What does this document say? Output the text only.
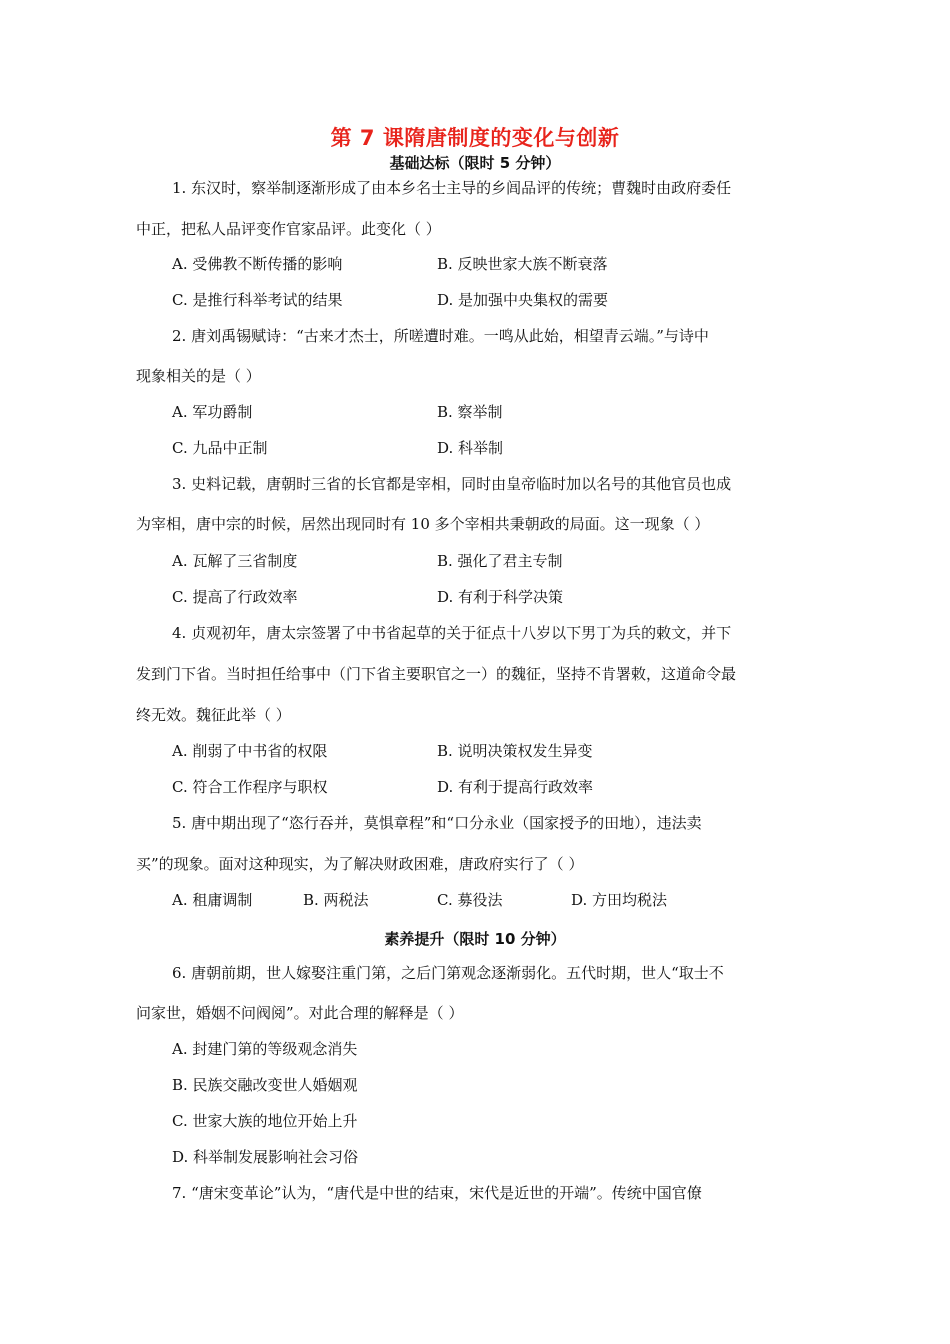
第 7 课隋唐制度的变化与创新
基础达标（限时 5 分钟）
1. 东汉时，察举制逐渐形成了由本乡名士主导的乡闾品评的传统；曹魏时由政府委任
中正，把私人品评变作官家品评。此变化（ ）
A. 受佛教不断传播的影响	B. 反映世家大族不断衰落
C. 是推行科举考试的结果	D. 是加强中央集权的需要
2. 唐刘禹锡赋诗：“古来才杰士，所嗟遭时难。一鸣从此始，相望青云端。”与诗中
现象相关的是（ ）
A. 军功爵制	B. 察举制
C. 九品中正制	D. 科举制
3. 史料记载，唐朝时三省的长官都是宰相，同时由皇帝临时加以名号的其他官员也成
为宰相，唐中宗的时候，居然出现同时有 10 多个宰相共秉朝政的局面。这一现象（ ）
A. 瓦解了三省制度	B. 强化了君主专制
C. 提高了行政效率	D. 有利于科学决策
4. 贞观初年，唐太宗签署了中书省起草的关于征点十八岁以下男丁为兵的敕文，并下
发到门下省。当时担任给事中（门下省主要职官之一）的魏征，坚持不肯署敕，这道命令最
终无效。魏征此举（ ）
A. 削弱了中书省的权限	B. 说明决策权发生异变
C. 符合工作程序与职权	D. 有利于提高行政效率
5. 唐中期出现了“恣行吞并，莫惧章程”和“口分永业（国家授予的田地），违法卖
买”的现象。面对这种现实，为了解决财政困难，唐政府实行了（ ）
A. 租庸调制	B. 两税法	C. 募役法	D. 方田均税法
素养提升（限时 10 分钟）
6. 唐朝前期，世人嫁娶注重门第，之后门第观念逐渐弱化。五代时期，世人“取士不
问家世，婚姻不问阀阅”。对此合理的解释是（ ）
A. 封建门第的等级观念消失
B. 民族交融改变世人婚姻观
C. 世家大族的地位开始上升
D. 科举制发展影响社会习俗
7. “唐宋变革论”认为，“唐代是中世的结束，宋代是近世的开端”。传统中国官僚
